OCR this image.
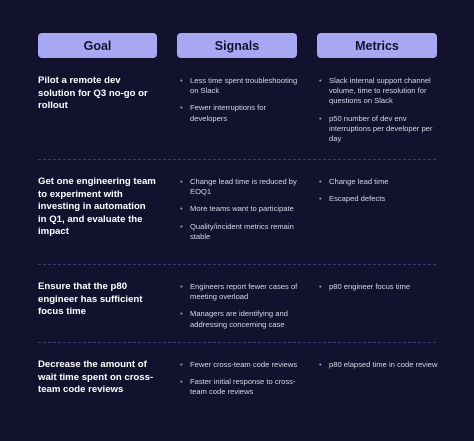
Goal	Signals	Metrics
Pilot a remote dev solution for Q3 no-go or rollout
• Less time spent troubleshooting on Slack
• Fewer interruptions for developers
• Slack internal support channel volume, time to resolution for questions on Slack
• p50 number of dev env interruptions per developer per day
Get one engineering team to experiment with investing in automation in Q1, and evaluate the impact
• Change lead time is reduced by EOQ1
• More teams want to participate
• Quality/incident metrics remain stable
• Change lead time
• Escaped defects
Ensure that the p80 engineer has sufficient focus time
• Engineers report fewer cases of meeting overload
• Managers are identifying and addressing concerning case
• p80 engineer focus time
Decrease the amount of wait time spent on cross-team code reviews
• Fewer cross-team code reviews
• Faster initial response to cross-team code reviews
• p80 elapsed time in code review
